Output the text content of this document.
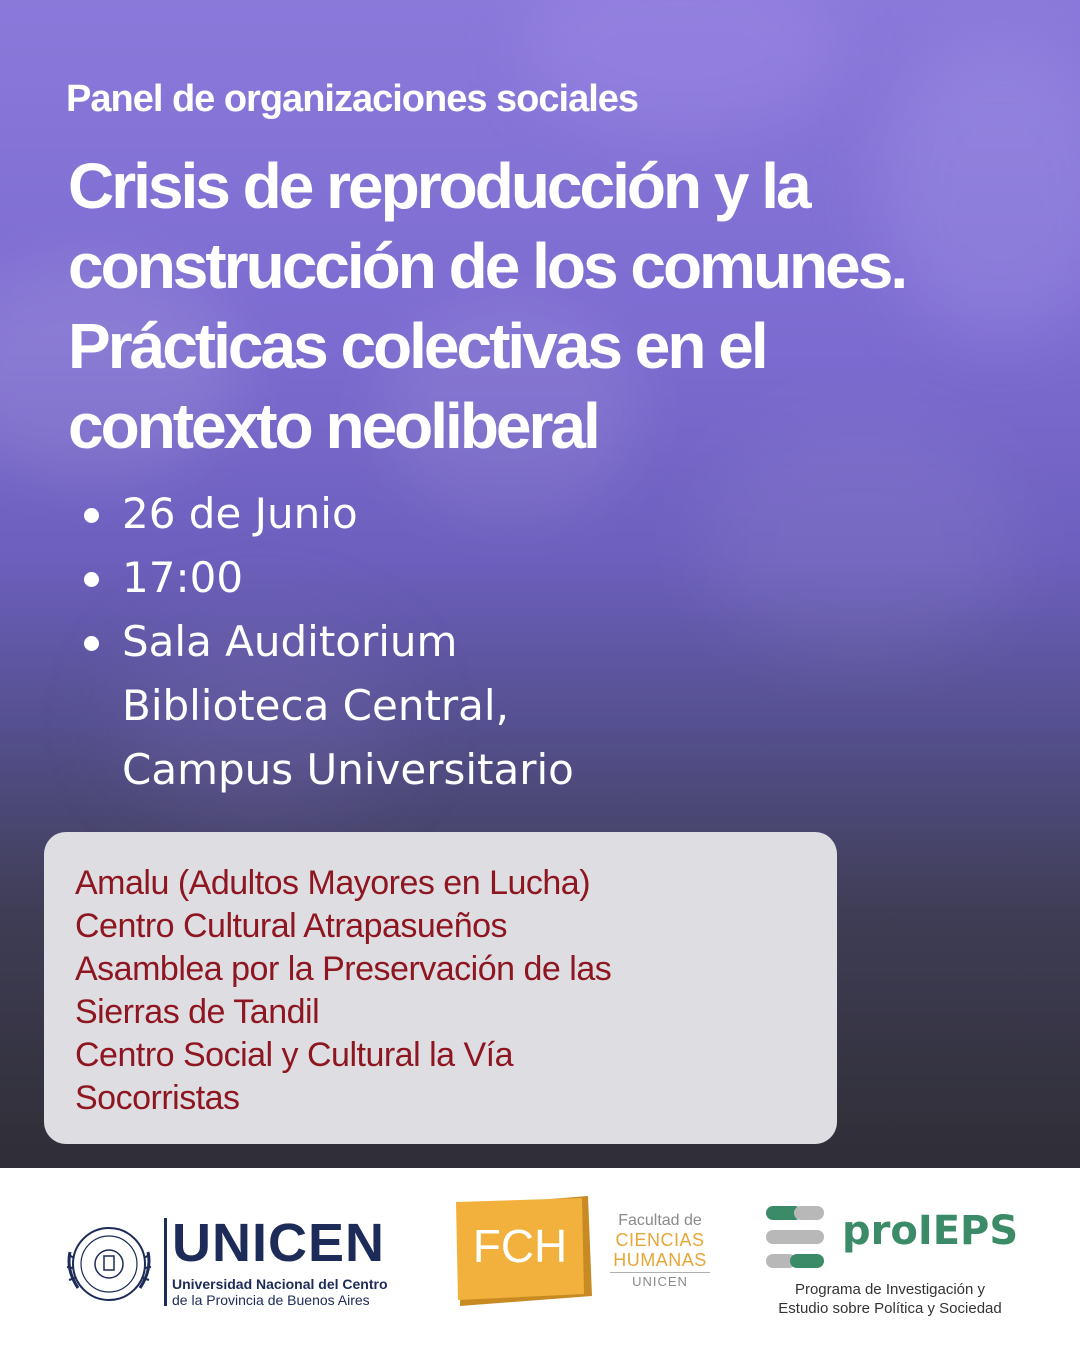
Panel de organizaciones sociales
Crisis de reproducción y la
construcción de los comunes.
Prácticas colectivas en el
contexto neoliberal
26 de Junio
17:00
Sala Auditorium
Biblioteca Central,
Campus Universitario
Amalu (Adultos Mayores en Lucha)
Centro Cultural Atrapasueños
Asamblea por la Preservación de las
Sierras de Tandil
Centro Social y Cultural la Vía
Socorristas
UNICEN
Universidad Nacional del Centro
de la Provincia de Buenos Aires
FCH	Facultad de
CIENCIAS
HUMANAS
UNICEN
proIEPS
Programa de Investigación y
Estudio sobre Política y Sociedad
